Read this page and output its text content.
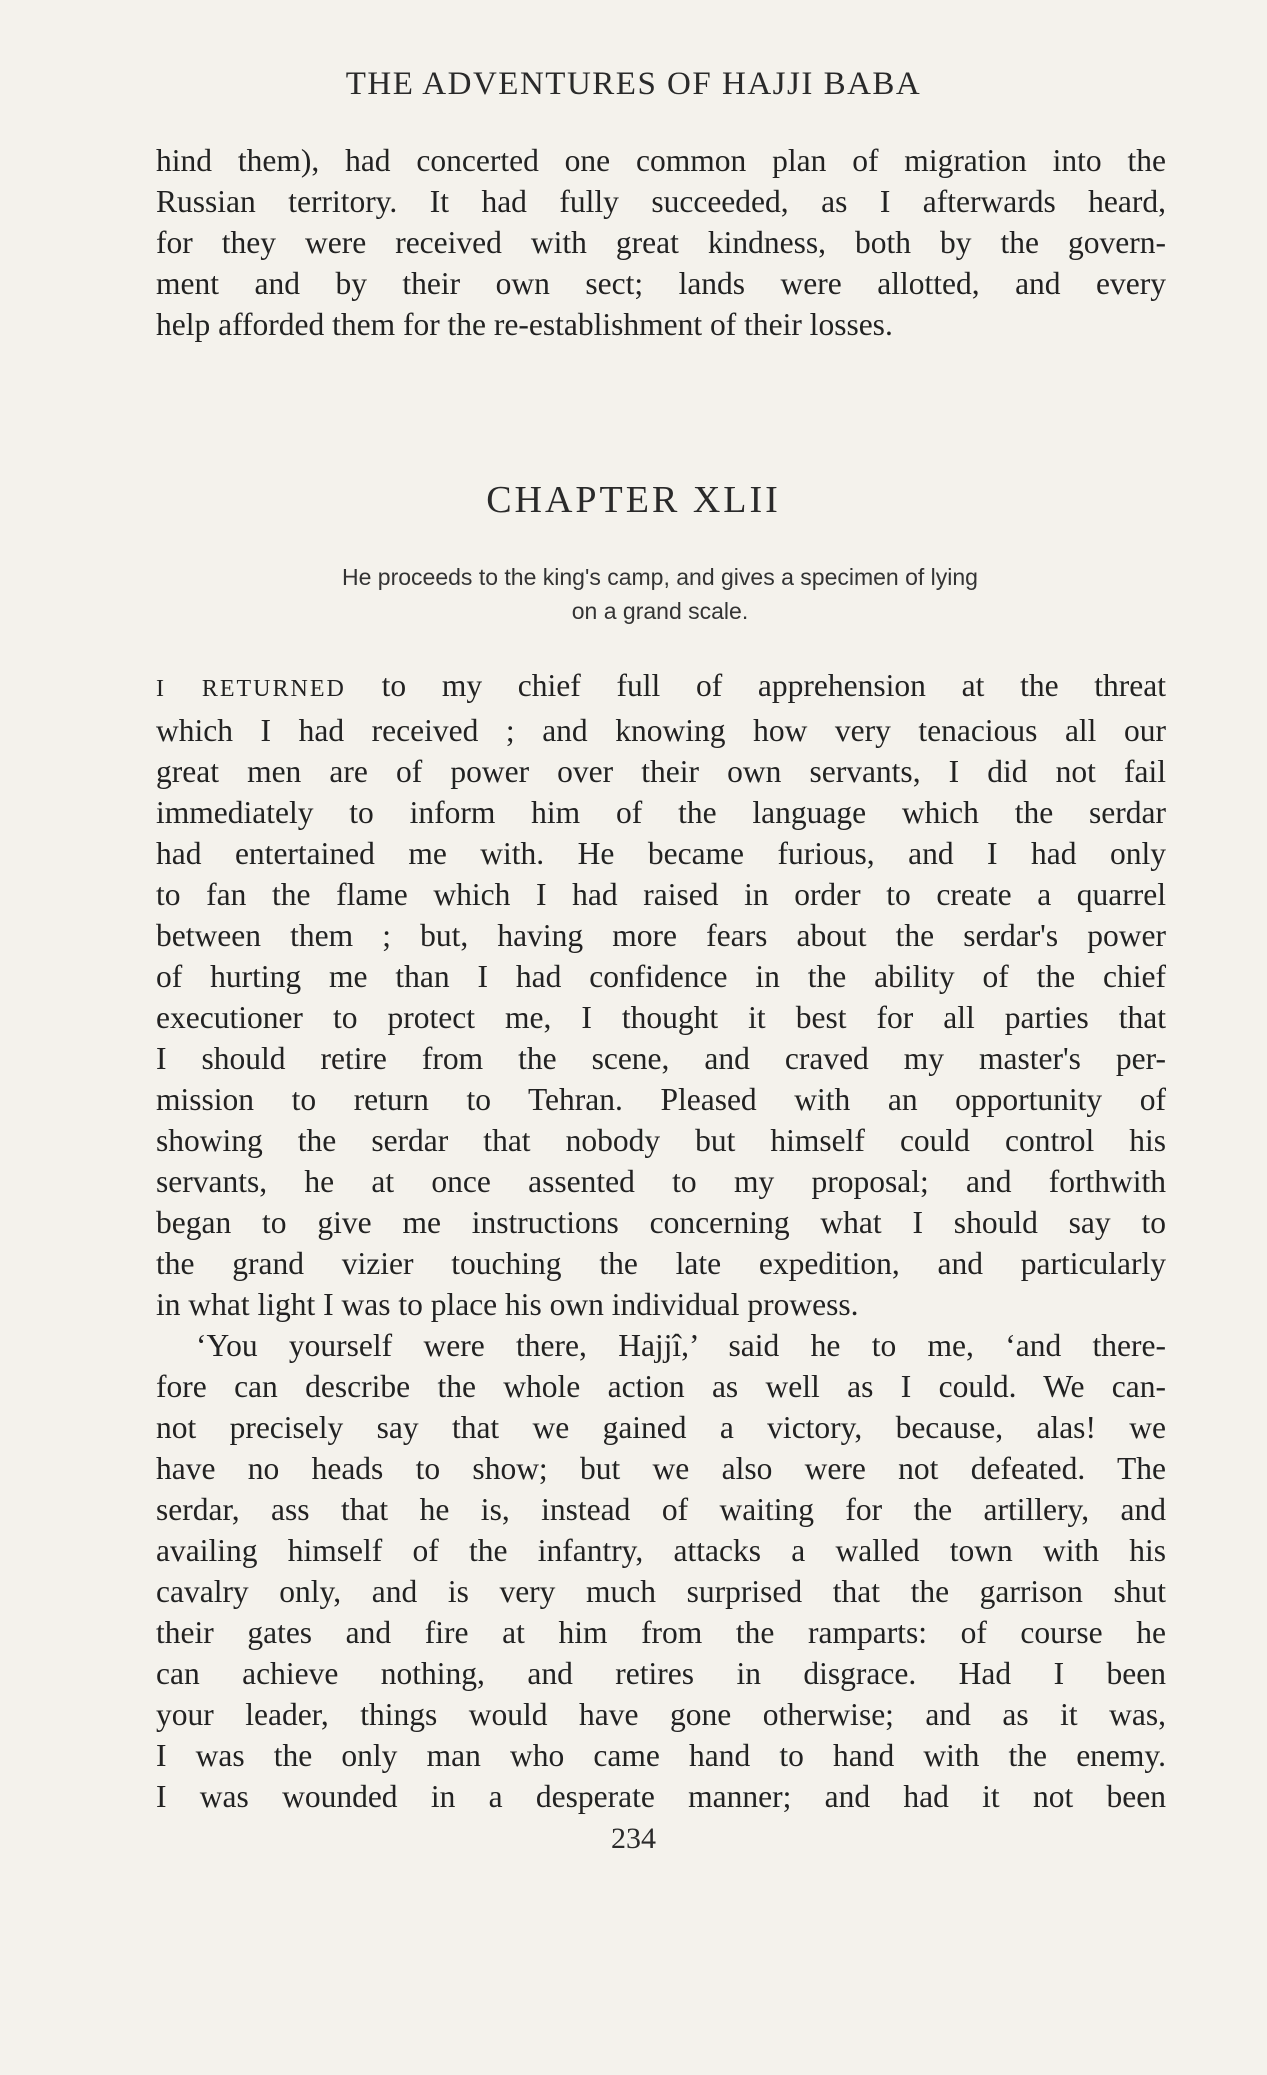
THE ADVENTURES OF HAJJI BABA

hind them), had concerted one common plan of migration into the
Russian territory. It had fully succeeded, as I afterwards heard,
for they were received with great kindness, both by the govern-
ment and by their own sect; lands were allotted, and every
help afforded them for the re-establishment of their losses.

CHAPTER XLII
He proceeds to the king's camp, and gives a specimen of lying
on a grand scale.

I RETURNED to my chief full of apprehension at the threat
which I had received ; and knowing how very tenacious all our
great men are of power over their own servants, I did not fail
immediately to inform him of the language which the serdar
had entertained me with. He became furious, and I had only
to fan the flame which I had raised in order to create a quarrel
between them ; but, having more fears about the serdar's power
of hurting me than I had confidence in the ability of the chief
executioner to protect me, I thought it best for all parties that
I should retire from the scene, and craved my master's per-
mission to return to Tehran. Pleased with an opportunity of
showing the serdar that nobody but himself could control his
servants, he at once assented to my proposal; and forthwith
began to give me instructions concerning what I should say to
the grand vizier touching the late expedition, and particularly
in what light I was to place his own individual prowess.

‘You yourself were there, Hajjî,’ said he to me, ‘and there-
fore can describe the whole action as well as I could. We can-
not precisely say that we gained a victory, because, alas! we
have no heads to show; but we also were not defeated. The
serdar, ass that he is, instead of waiting for the artillery, and
availing himself of the infantry, attacks a walled town with his
cavalry only, and is very much surprised that the garrison shut
their gates and fire at him from the ramparts: of course he
can achieve nothing, and retires in disgrace. Had I been
your leader, things would have gone otherwise; and as it was,
I was the only man who came hand to hand with the enemy.
I was wounded in a desperate manner; and had it not been

234
